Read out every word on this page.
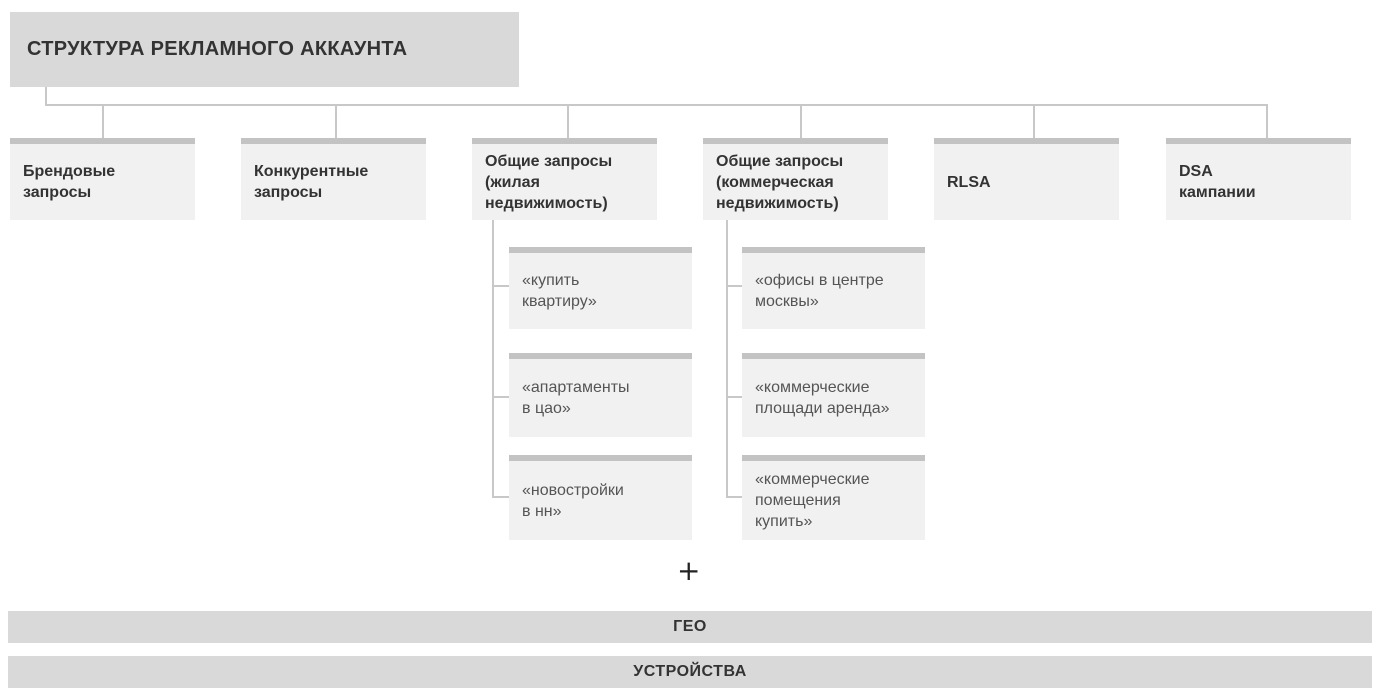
СТРУКТУРА РЕКЛАМНОГО АККАУНТА
Брендовые
запросы
Конкурентные
запросы
Общие запросы
(жилая
недвижимость)
Общие запросы
(коммерческая
недвижимость)
RLSA
DSA
кампании
«купить
квартиру»
«апартаменты
в цао»
«новостройки
в нн»
«офисы в центре
москвы»
«коммерческие
площади аренда»
«коммерческие
помещения
купить»
+
ГЕО
УСТРОЙСТВА
